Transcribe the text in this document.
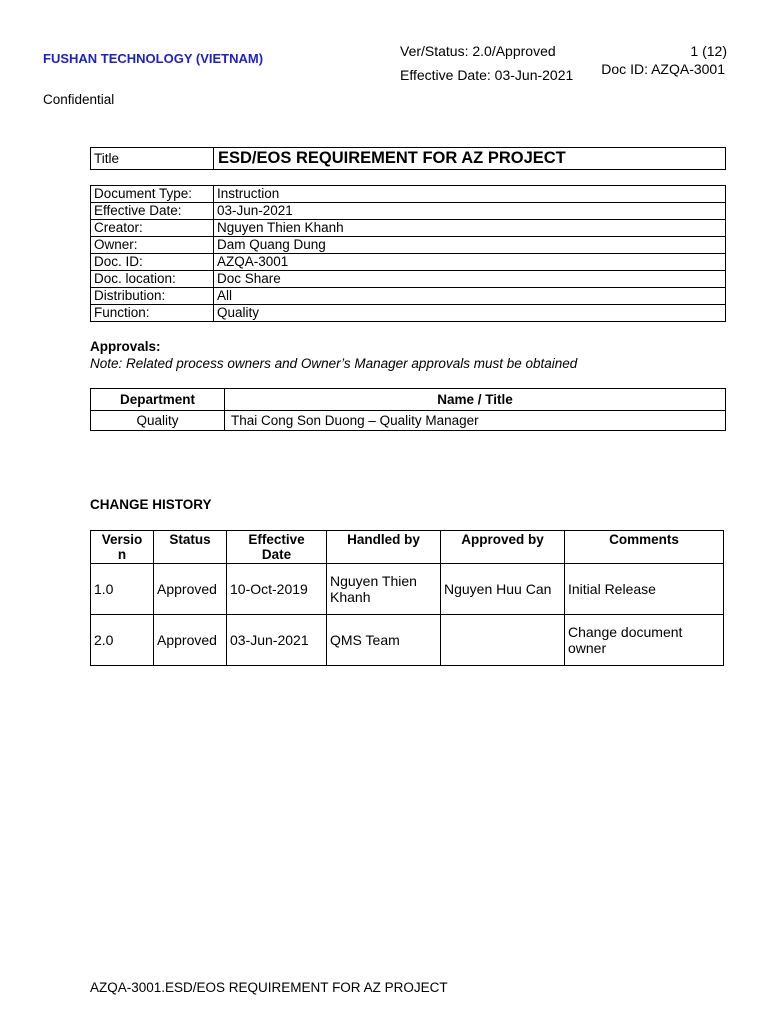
FUSHAN TECHNOLOGY (VIETNAM)	Ver/Status: 2.0/Approved
Effective Date: 03-Jun-2021
1 (12)
Doc ID: AZQA-3001
Confidential
Title	ESD/EOS REQUIREMENT FOR AZ PROJECT
Document Type:	Instruction
Effective Date:	03-Jun-2021
Creator:	Nguyen Thien Khanh
Owner:	Dam Quang Dung
Doc. ID:	AZQA-3001
Doc. location:	Doc Share
Distribution:	All
Function:	Quality
Approvals:
Note: Related process owners and Owner’s Manager approvals must be obtained
Department	Name / Title
Quality	Thai Cong Son Duong – Quality Manager
CHANGE HISTORY
Versio n	Status	Effective Date	Handled by	Approved by	Comments
1.0	Approved	10-Oct-2019	Nguyen Thien Khanh	Nguyen Huu Can	Initial Release
2.0	Approved	03-Jun-2021	QMS Team		Change document owner
AZQA-3001.ESD/EOS REQUIREMENT FOR AZ PROJECT
